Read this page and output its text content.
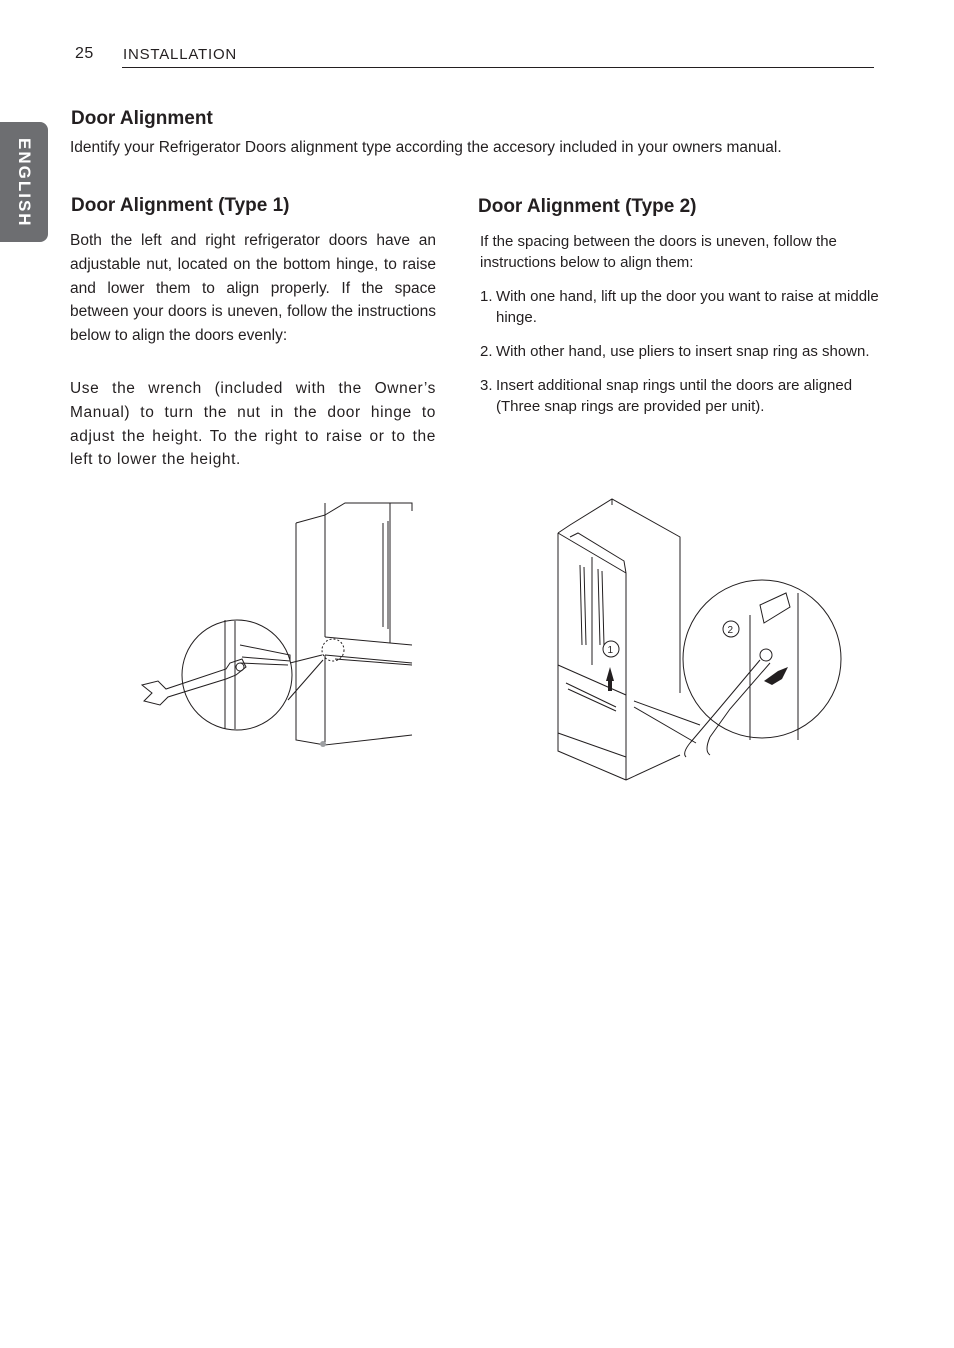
25 INSTALLATION
ENGLISH
Door Alignment
Identify your Refrigerator Doors alignment type according the accesory included in your owners manual.
Door Alignment (Type 1)

Both the left and right refrigerator doors have an adjustable nut, located on the bottom hinge, to raise and lower them to align properly. If the space between your doors is uneven, follow the instructions below to align the doors evenly:

Use the wrench (included with the Owner’s Manual) to turn the nut in the door hinge to adjust the height. To the right to raise or to the left to lower the height.

Door Alignment (Type 2)

If the spacing between the doors is uneven, follow the instructions below to align them:

1. With one hand, lift up the door you want to raise at middle hinge.
2. With other hand, use pliers to insert snap ring as shown.
3. Insert additional snap rings until the doors are aligned (Three snap rings are provided per unit).
1
2
